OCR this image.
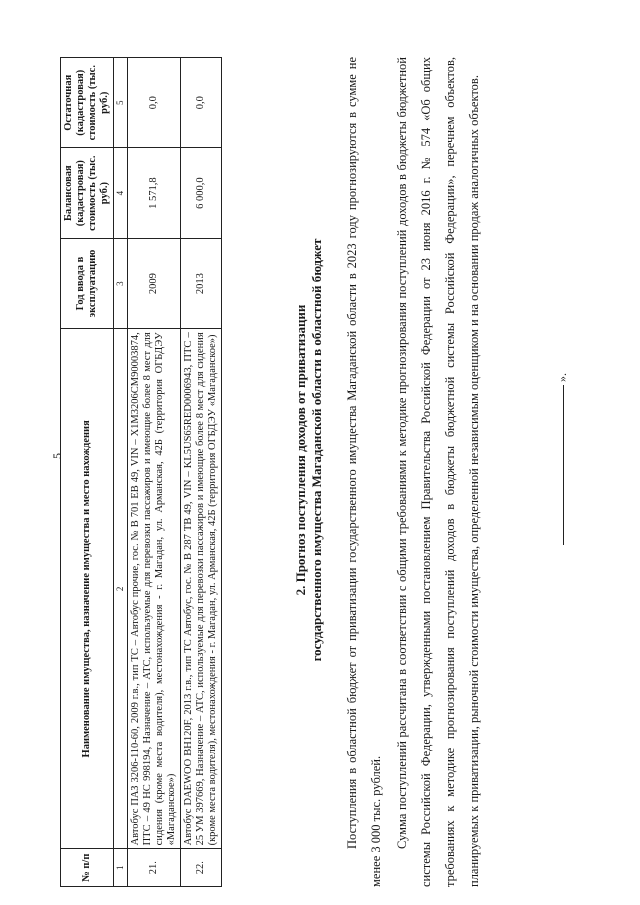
5
№ п/п	Наименование имущества, назначение имущества и место нахождения	Год ввода в эксплуатацию	Балансовая (кадастровая) стоимость (тыс. руб.)	Остаточная (кадастровая) стоимость (тыс. руб.)
1	2	3	4	5
21.	Автобус ПАЗ 3206-110-60, 2009 г.в., тип ТС – Автобус прочие, гос. № В 701 ЕВ 49, VIN – X1M3206CM90003874, ПТС – 49 НС 998194, Назначение – АТС, используемые для перевозки пассажиров и имеющие более 8 мест для сидения (кроме места водителя), местонахождения - г. Магадан, ул. Арманская, 42Б (территория ОГБДЭУ «Магаданское»)	2009	1 571,8	0,0
22.	Автобус DAEWOO BH120F, 2013 г.в., тип ТС Автобус, гос. № В 287 ТВ 49, VIN – KL5US65RED0006943, ПТС – 25 УМ 397669, Назначение – АТС, используемые для перевозки пассажиров и имеющие более 8 мест для сидения (кроме места водителя), местонахождения - г. Магадан, ул. Арманская, 42Б (территория ОГБДЭУ «Магаданское»)	2013	6 000,0	0,0
2. Прогноз поступления доходов от приватизации государственного имущества Магаданской области в областной бюджет	Поступления в областной бюджет от приватизации государственного имущества Магаданской области в 2023 году прогнозируются в сумме не менее 3 000 тыс. рублей. Сумма поступлений рассчитана в соответствии с общими требованиями к методике прогнозирования поступлений доходов в бюджеты бюджетной системы Российской Федерации, утвержденными постановлением Правительства Российской Федерации от 23 июня 2016 г. № 574 «Об общих требованиях к методике прогнозирования поступлений доходов в бюджеты бюджетной системы Российской Федерации», перечнем объектов, планируемых к приватизации, рыночной стоимости имущества, определенной независимым оценщиком и на основании продаж аналогичных объектов.	».
